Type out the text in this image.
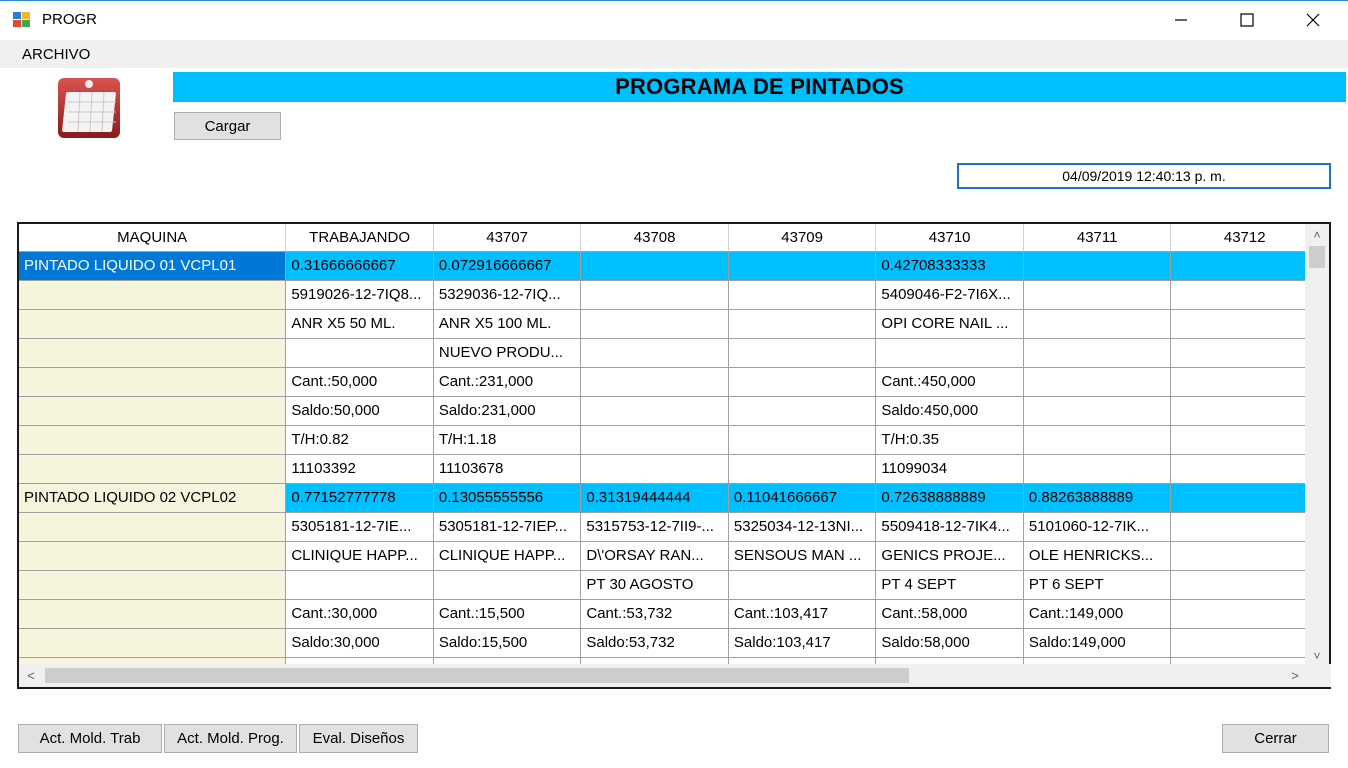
PROGR
ARCHIVO
PROGRAMA DE PINTADOS
Cargar
04/09/2019 12:40:13 p. m.
MAQUINA	TRABAJANDO	43707	43708	43709	43710	43711	43712
PINTADO LIQUIDO 01 VCPL01	0.31666666667	0.072916666667			0.42708333333		
	5919026-12-7IQ8...	5329036-12-7IQ...			5409046-F2-7I6X...		
	ANR X5 50 ML.	ANR X5 100 ML.			OPI CORE NAIL ...		
		NUEVO PRODU...					
	Cant.:50,000	Cant.:231,000			Cant.:450,000		
	Saldo:50,000	Saldo:231,000			Saldo:450,000		
	T/H:0.82	T/H:1.18			T/H:0.35		
	11103392	11103678			11099034		
PINTADO LIQUIDO 02 VCPL02	0.77152777778	0.13055555556	0.31319444444	0.11041666667	0.72638888889	0.88263888889	
	5305181-12-7IE...	5305181-12-7IEP...	5315753-12-7II9-...	5325034-12-13NI...	5509418-12-7IK4...	5101060-12-7IK...	
	CLINIQUE HAPP...	CLINIQUE HAPP...	D\'ORSAY RAN...	SENSOUS MAN ...	GENICS PROJE...	OLE HENRICKS...	
			PT 30 AGOSTO		PT 4 SEPT	PT 6 SEPT	
	Cant.:30,000	Cant.:15,500	Cant.:53,732	Cant.:103,417	Cant.:58,000	Cant.:149,000	
	Saldo:30,000	Saldo:15,500	Saldo:53,732	Saldo:103,417	Saldo:58,000	Saldo:149,000	

˄
˅
<	>
Act. Mold. Trab	Act. Mold. Prog.	Eval. Diseños	Cerrar
